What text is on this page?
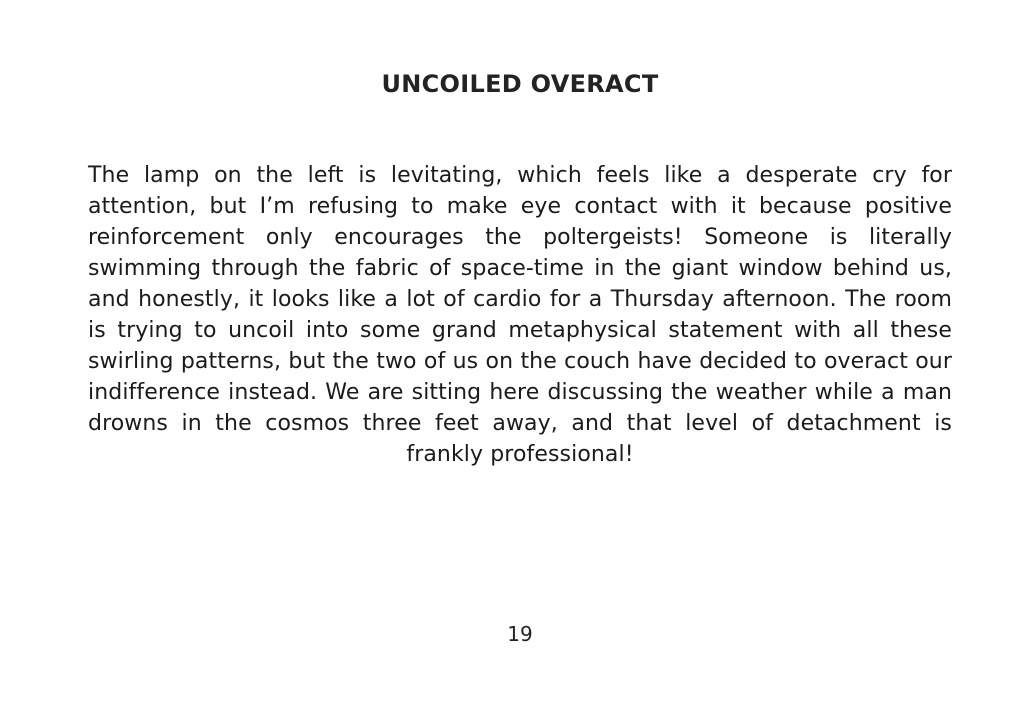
UNCOILED OVERACT
The lamp on the left is levitating, which feels like a desperate cry for attention, but I’m refusing to make eye contact with it because positive reinforcement only encourages the poltergeists! Someone is literally swimming through the fabric of space-time in the giant window behind us, and honestly, it looks like a lot of cardio for a Thursday afternoon. The room is trying to uncoil into some grand metaphysical statement with all these swirling patterns, but the two of us on the couch have decided to overact our indifference instead. We are sitting here discussing the weather while a man drowns in the cosmos three feet away, and that level of detachment is frankly professional!
19
